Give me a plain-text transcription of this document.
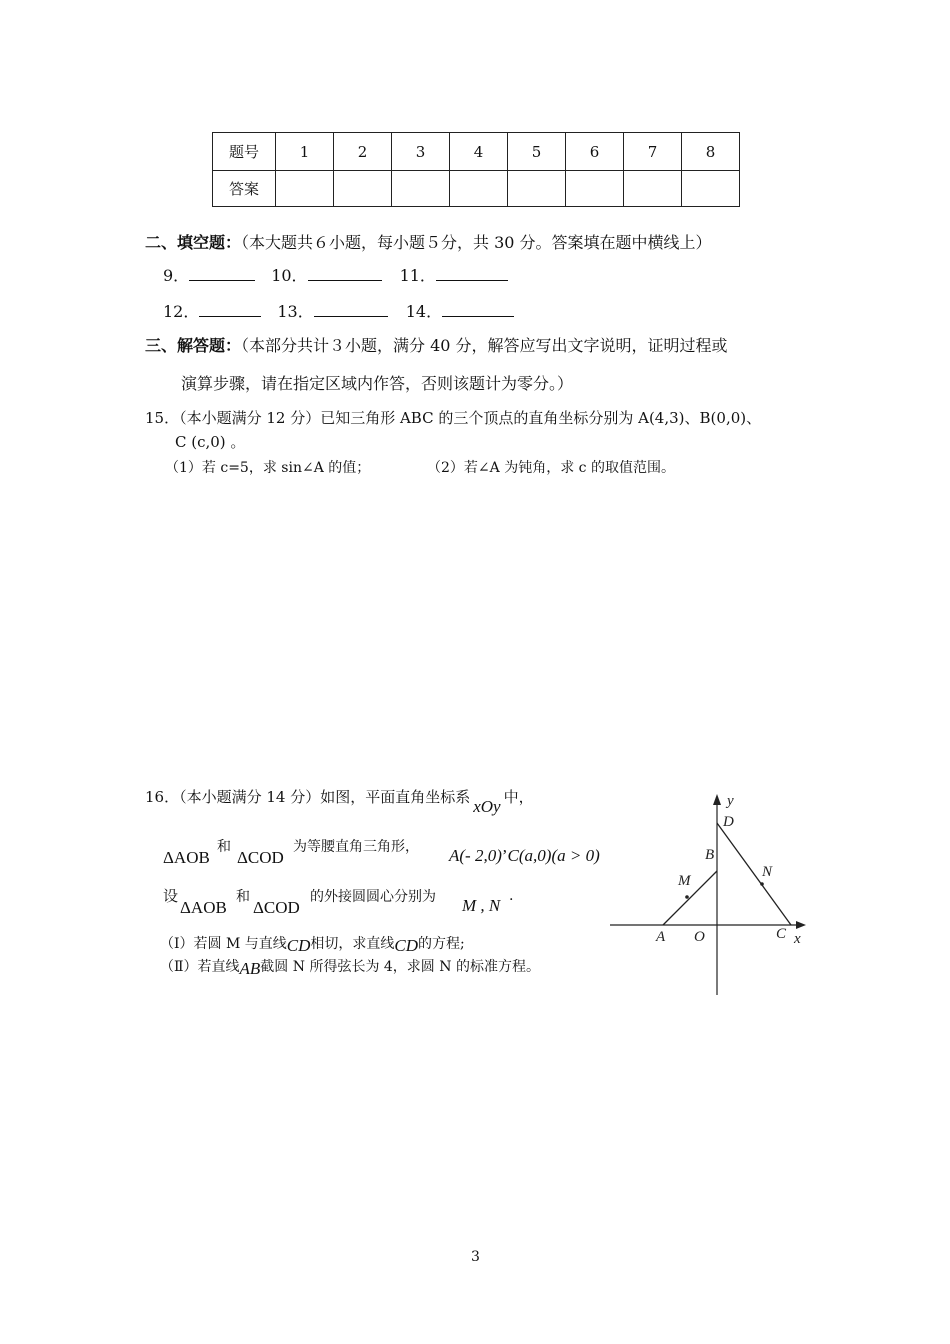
题号	1	2	3	4	5	6	7	8
答案								
二、填空题：（本大题共６小题，每小题５分，共 30 分。答案填在题中横线上）
9．	10．	11．
12．	13．	14．
三、解答题：（本部分共计３小题，满分 40 分，解答应写出文字说明，证明过程或
演算步骤，请在指定区域内作答，否则该题计为零分。）
15．（本小题满分 12 分）已知三角形 ABC 的三个顶点的直角坐标分别为 A(4,3)、B(0,0)、
C (c,0) 。
（1）若 c=5，求 sin∠A 的值；	（2）若∠A 为钝角，求 c 的取值范围。
16．（本小题满分 14 分）如图，平面直角坐标系 xOy 中，
ΔAOB
和
ΔCOD
为等腰直角三角形， A(- 2,0)’C(a,0)(a > 0)
设
ΔAOB
和
ΔCOD
的外接圆圆心分别为 M , N .
（Ⅰ）若圆 M 与直线CD相切，求直线CD的方程;
（Ⅱ）若直线AB截圆 N 所得弦长为 4，求圆 N 的标准方程。
y
D
B
M
N
A O	C x
3
